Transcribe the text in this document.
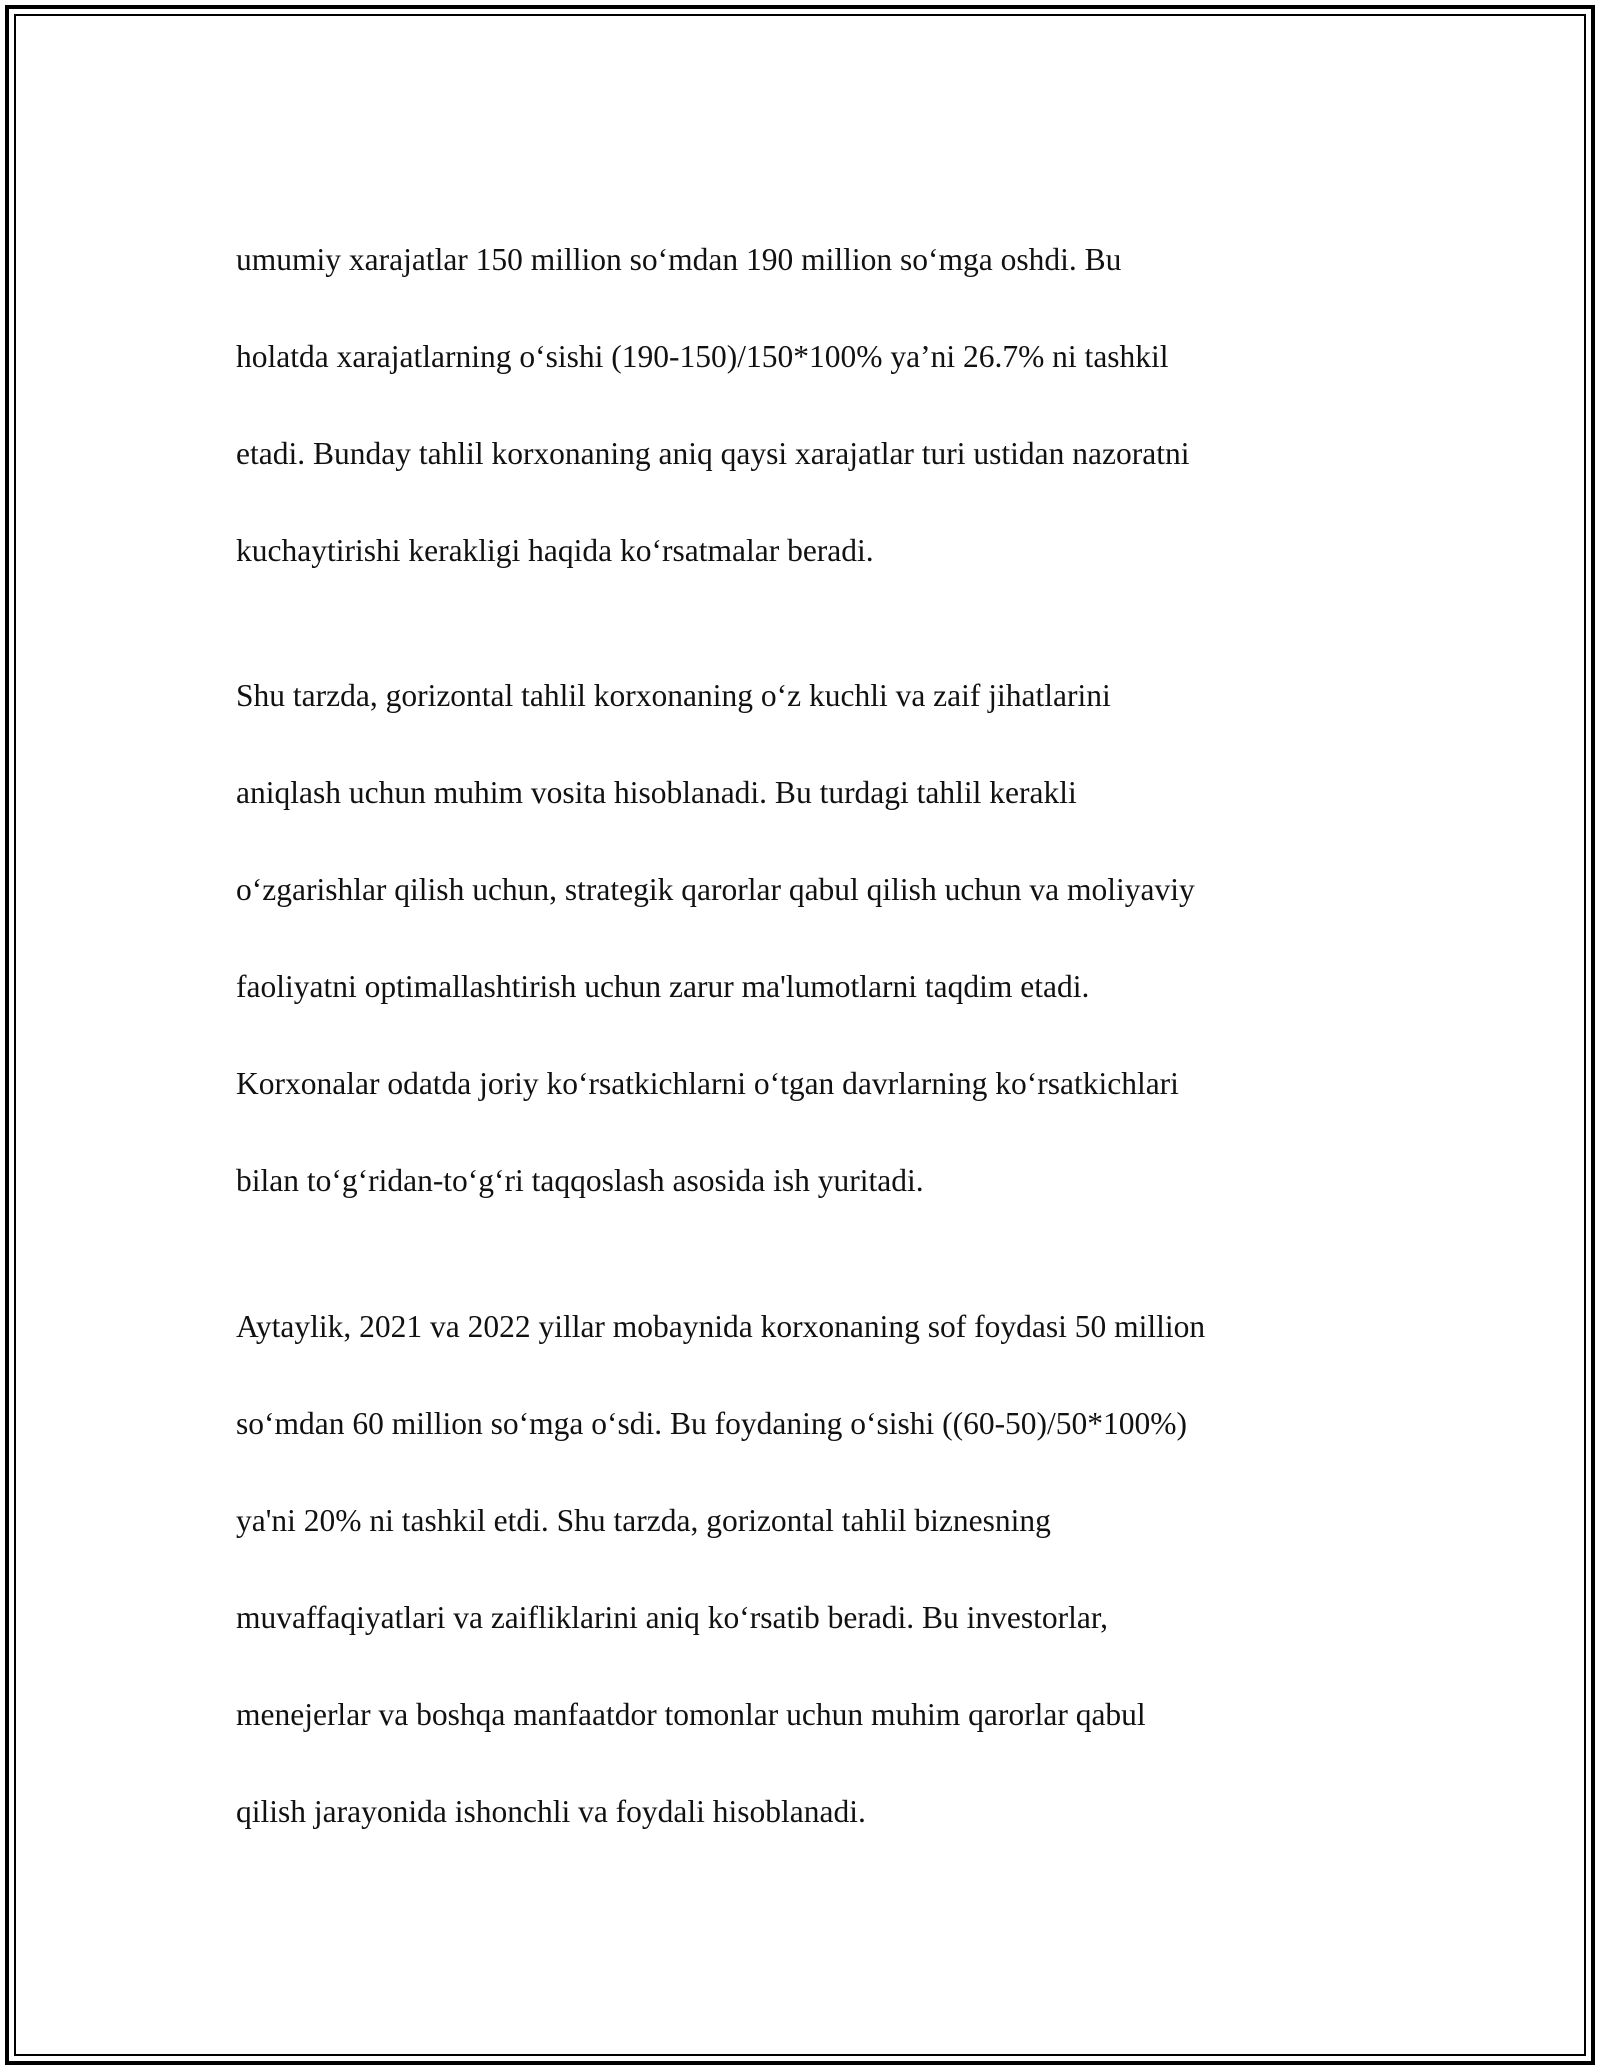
umumiy xarajatlar 150 million so‘mdan 190 million so‘mga oshdi. Bu

holatda xarajatlarning o‘sishi (190-150)/150*100% ya’ni 26.7% ni tashkil

etadi. Bunday tahlil korxonaning aniq qaysi xarajatlar turi ustidan nazoratni

kuchaytirishi kerakligi haqida ko‘rsatmalar beradi.

Shu tarzda, gorizontal tahlil korxonaning o‘z kuchli va zaif jihatlarini

aniqlash uchun muhim vosita hisoblanadi. Bu turdagi tahlil kerakli

o‘zgarishlar qilish uchun, strategik qarorlar qabul qilish uchun va moliyaviy

faoliyatni optimallashtirish uchun zarur ma'lumotlarni taqdim etadi.

Korxonalar odatda joriy ko‘rsatkichlarni o‘tgan davrlarning ko‘rsatkichlari

bilan to‘g‘ridan-to‘g‘ri taqqoslash asosida ish yuritadi.

Aytaylik, 2021 va 2022 yillar mobaynida korxonaning sof foydasi 50 million

so‘mdan 60 million so‘mga o‘sdi. Bu foydaning o‘sishi ((60-50)/50*100%)

ya'ni 20% ni tashkil etdi. Shu tarzda, gorizontal tahlil biznesning

muvaffaqiyatlari va zaifliklarini aniq ko‘rsatib beradi. Bu investorlar,

menejerlar va boshqa manfaatdor tomonlar uchun muhim qarorlar qabul

qilish jarayonida ishonchli va foydali hisoblanadi.
